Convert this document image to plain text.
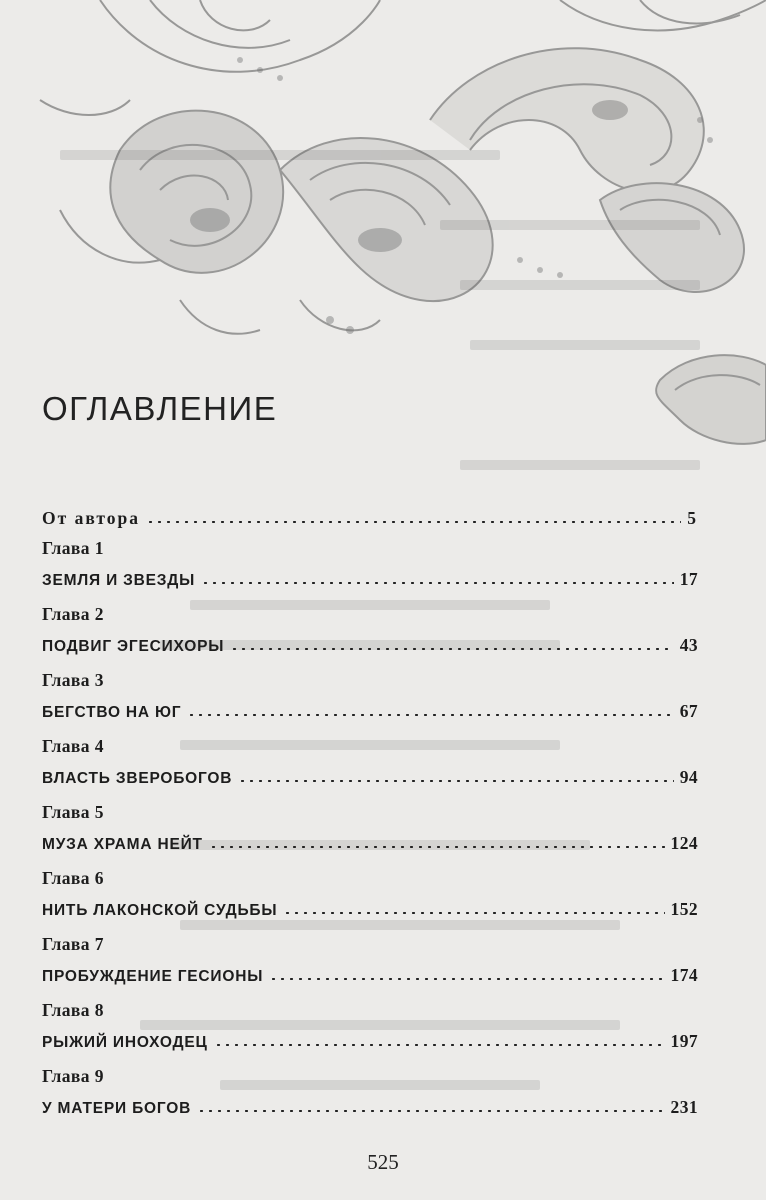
ОГЛАВЛЕНИЕ
От автора	5
Глава 1
ЗЕМЛЯ И ЗВЕЗДЫ	17
Глава 2
ПОДВИГ ЭГЕСИХОРЫ	43
Глава 3
БЕГСТВО НА ЮГ	67
Глава 4
ВЛАСТЬ ЗВЕРОБОГОВ	94
Глава 5
МУЗА ХРАМА НЕЙТ	124
Глава 6
НИТЬ ЛАКОНСКОЙ СУДЬБЫ	152
Глава 7
ПРОБУЖДЕНИЕ ГЕСИОНЫ	174
Глава 8
РЫЖИЙ ИНОХОДЕЦ	197
Глава 9
У МАТЕРИ БОГОВ	231
525
